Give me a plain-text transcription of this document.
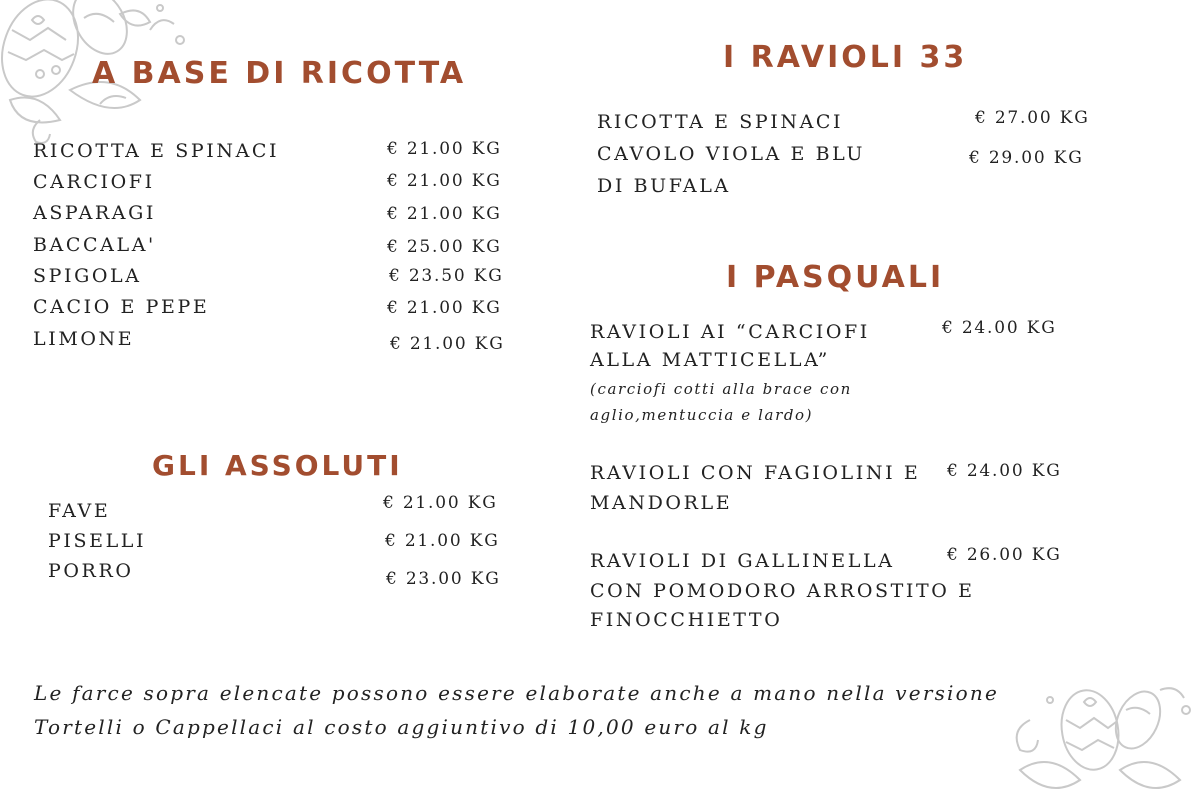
A BASE DI RICOTTA
RICOTTA E SPINACI	€ 21.00 KG
CARCIOFI	€ 21.00 KG
ASPARAGI	€ 21.00 KG
BACCALA'	€ 25.00 KG
SPIGOLA	€ 23.50 KG
CACIO E PEPE	€ 21.00 KG
LIMONE	€ 21.00 KG
GLI ASSOLUTI
FAVE	€ 21.00 KG
PISELLI	€ 21.00 KG
PORRO	€ 23.00 KG
I RAVIOLI 33
RICOTTA E SPINACI	€ 27.00 KG
CAVOLO VIOLA E BLU
DI BUFALA
€ 29.00 KG
I PASQUALI
RAVIOLI AI “CARCIOFI
ALLA MATTICELLA”
(carciofi cotti alla brace con
aglio,mentuccia e lardo)
€ 24.00 KG
RAVIOLI CON FAGIOLINI E
MANDORLE
€ 24.00 KG
RAVIOLI DI GALLINELLA
CON POMODORO ARROSTITO E
FINOCCHIETTO
€ 26.00 KG

Le farce sopra elencate possono essere elaborate anche a mano nella versione
Tortelli o Cappellaci al costo aggiuntivo di 10,00 euro al kg
